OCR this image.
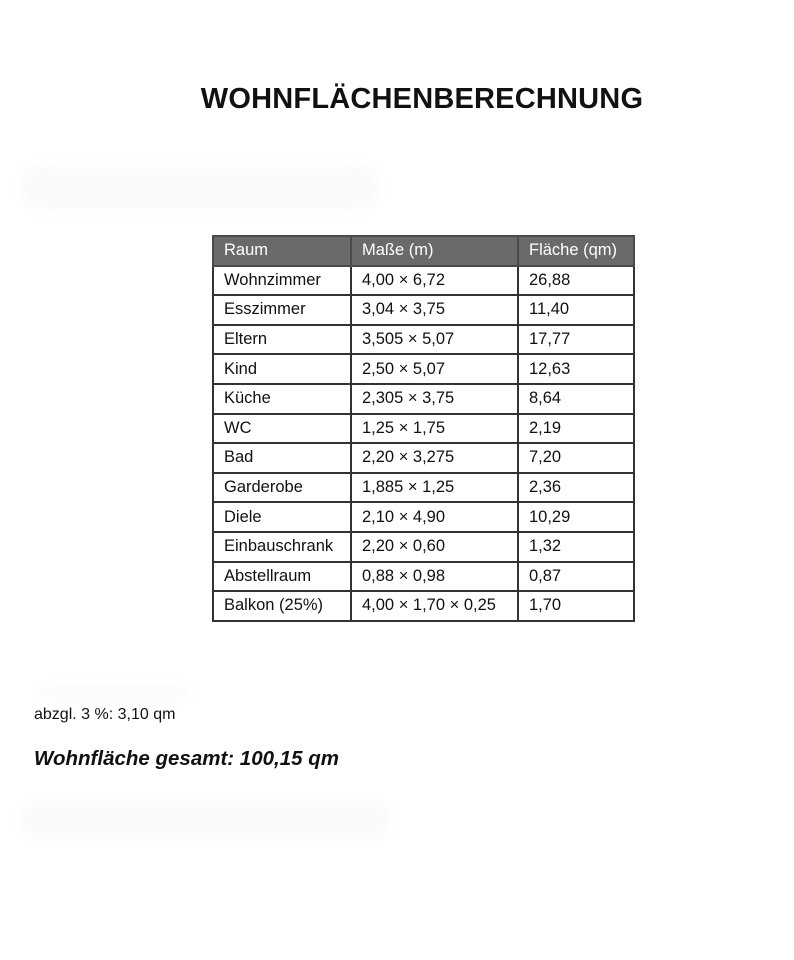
WOHNFLÄCHENBERECHNUNG
Raum	Maße (m)	Fläche (qm)
Wohnzimmer	4,00 × 6,72	26,88
Esszimmer	3,04 × 3,75	11,40
Eltern	3,505 × 5,07	17,77
Kind	2,50 × 5,07	12,63
Küche	2,305 × 3,75	8,64
WC	1,25 × 1,75	2,19
Bad	2,20 × 3,275	7,20
Garderobe	1,885 × 1,25	2,36
Diele	2,10 × 4,90	10,29
Einbauschrank	2,20 × 0,60	1,32
Abstellraum	0,88 × 0,98	0,87
Balkon (25%)	4,00 × 1,70 × 0,25	1,70

abzgl. 3 %: 3,10 qm

Wohnfläche gesamt: 100,15 qm
